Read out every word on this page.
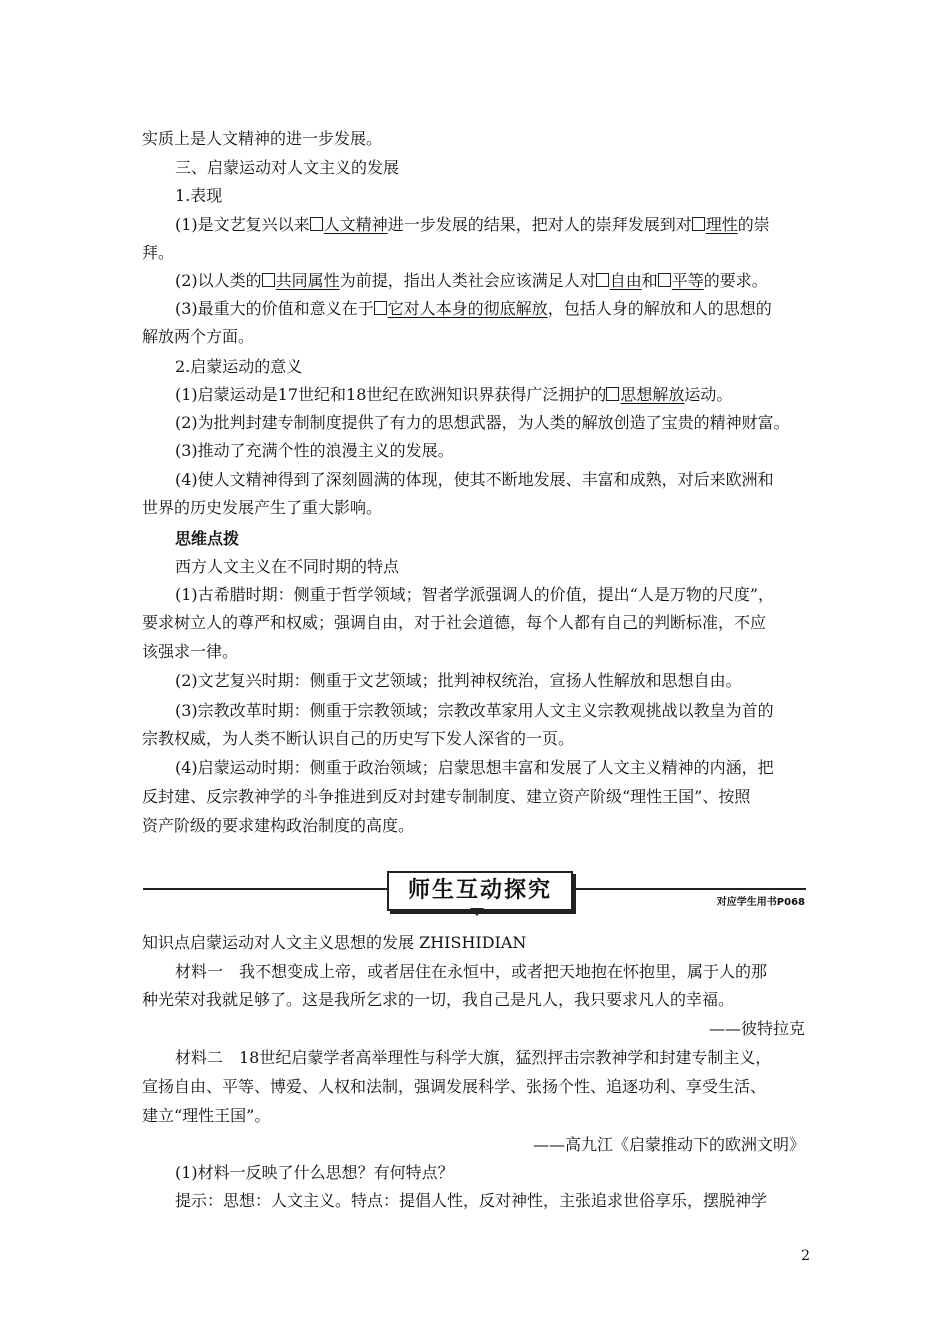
实质上是人文精神的进一步发展。
三、启蒙运动对人文主义的发展
1.表现
(1)是文艺复兴以来 人文精神进一步发展的结果，把对人的崇拜发展到对 理性的崇
拜。
(2)以人类的 共同属性为前提，指出人类社会应该满足人对 自由和 平等的要求。
(3)最重大的价值和意义在于 它对人本身的彻底解放，包括人身的解放和人的思想的
解放两个方面。
2.启蒙运动的意义
(1)启蒙运动是17世纪和18世纪在欧洲知识界获得广泛拥护的 思想解放运动。
(2)为批判封建专制制度提供了有力的思想武器，为人类的解放创造了宝贵的精神财富。
(3)推动了充满个性的浪漫主义的发展。
(4)使人文精神得到了深刻圆满的体现，使其不断地发展、丰富和成熟，对后来欧洲和
世界的历史发展产生了重大影响。
思维点拨
西方人文主义在不同时期的特点
(1)古希腊时期：侧重于哲学领域；智者学派强调人的价值，提出“人是万物的尺度”，
要求树立人的尊严和权威；强调自由，对于社会道德，每个人都有自己的判断标准，不应
该强求一律。
(2)文艺复兴时期：侧重于文艺领域；批判神权统治，宣扬人性解放和思想自由。
(3)宗教改革时期：侧重于宗教领域；宗教改革家用人文主义宗教观挑战以教皇为首的
宗教权威，为人类不断认识自己的历史写下发人深省的一页。
(4)启蒙运动时期：侧重于政治领域；启蒙思想丰富和发展了人文主义精神的内涵，把
反封建、反宗教神学的斗争推进到反对封建专制制度、建立资产阶级“理性王国”、按照
资产阶级的要求建构政治制度的高度。
师生互动探究	对应学生用书P068
知识点启蒙运动对人文主义思想的发展 ZHISHIDIAN
材料一　我不想变成上帝，或者居住在永恒中，或者把天地抱在怀抱里，属于人的那
种光荣对我就足够了。这是我所乞求的一切，我自己是凡人，我只要求凡人的幸福。
——彼特拉克
材料二　18世纪启蒙学者高举理性与科学大旗，猛烈抨击宗教神学和封建专制主义，
宣扬自由、平等、博爱、人权和法制，强调发展科学、张扬个性、追逐功利、享受生活、
建立“理性王国”。
——高九江《启蒙推动下的欧洲文明》
(1)材料一反映了什么思想？有何特点？
提示：思想：人文主义。特点：提倡人性，反对神性，主张追求世俗享乐，摆脱神学
2
